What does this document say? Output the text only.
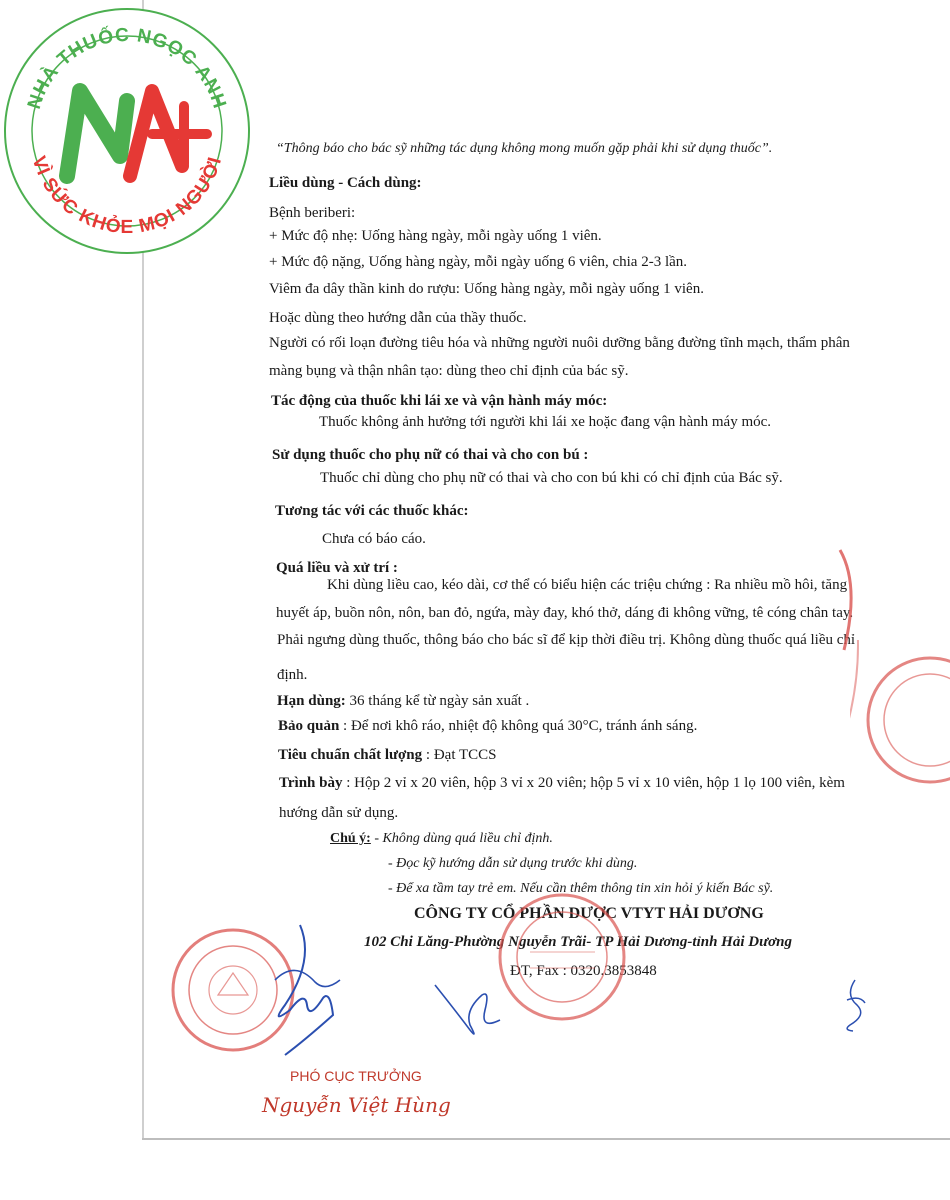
NHÀ THUỐC NGỌC ANH
VÌ SỨC KHỎE MỌI NGƯỜI
“Thông báo cho bác sỹ những tác dụng không mong muốn gặp phải khi sử dụng thuốc”.
Liều dùng - Cách dùng:
Bệnh beriberi:
+ Mức độ nhẹ: Uống hàng ngày, mỗi ngày uống 1 viên.
+ Mức độ nặng, Uống hàng ngày, mỗi ngày uống 6 viên, chia 2-3 lần.
Viêm đa dây thần kinh do rượu: Uống hàng ngày, mỗi ngày uống 1 viên.
Hoặc dùng theo hướng dẫn của thầy thuốc.
Người có rối loạn đường tiêu hóa và những người nuôi dưỡng bằng đường tĩnh mạch, thẩm phân
màng bụng và thận nhân tạo: dùng theo chỉ định của bác sỹ.
Tác động của thuốc khi lái xe và vận hành máy móc:
Thuốc không ảnh hưởng tới người khi lái xe hoặc đang vận hành máy móc.
Sử dụng thuốc cho phụ nữ có thai và cho con bú :
Thuốc chỉ dùng cho phụ nữ có thai và cho con bú khi có chỉ định của Bác sỹ.
Tương tác với các thuốc khác:
Chưa có báo cáo.
Quá liều và xử trí :
Khi dùng liều cao, kéo dài, cơ thể có biểu hiện các triệu chứng : Ra nhiều mồ hôi, tăng
huyết áp, buồn nôn, nôn, ban đỏ, ngứa, mày đay, khó thở, dáng đi không vững, tê cóng chân tay.
Phải ngưng dùng thuốc, thông báo cho bác sĩ để kịp thời điều trị. Không dùng thuốc quá liều chỉ
định.
Hạn dùng: 36 tháng kể từ ngày sản xuất .
Bảo quản : Để nơi khô ráo, nhiệt độ không quá 30°C, tránh ánh sáng.
Tiêu chuẩn chất lượng : Đạt TCCS
Trình bày : Hộp 2 vỉ x 20 viên, hộp 3 vỉ x 20 viên; hộp 5 vỉ x 10 viên, hộp 1 lọ 100 viên, kèm
hướng dẫn sử dụng.
Chú ý: - Không dùng quá liều chỉ định.
- Đọc kỹ hướng dẫn sử dụng trước khi dùng.
- Để xa tầm tay trẻ em. Nếu cần thêm thông tin xin hỏi ý kiến Bác sỹ.
CÔNG TY CỔ PHẦN DƯỢC VTYT HẢI DƯƠNG
102 Chi Lăng-Phường Nguyễn Trãi- TP Hải Dương-tỉnh Hải Dương
ĐT, Fax : 0320.3853848
PHÓ CỤC TRƯỞNG
Nguyễn Việt Hùng
